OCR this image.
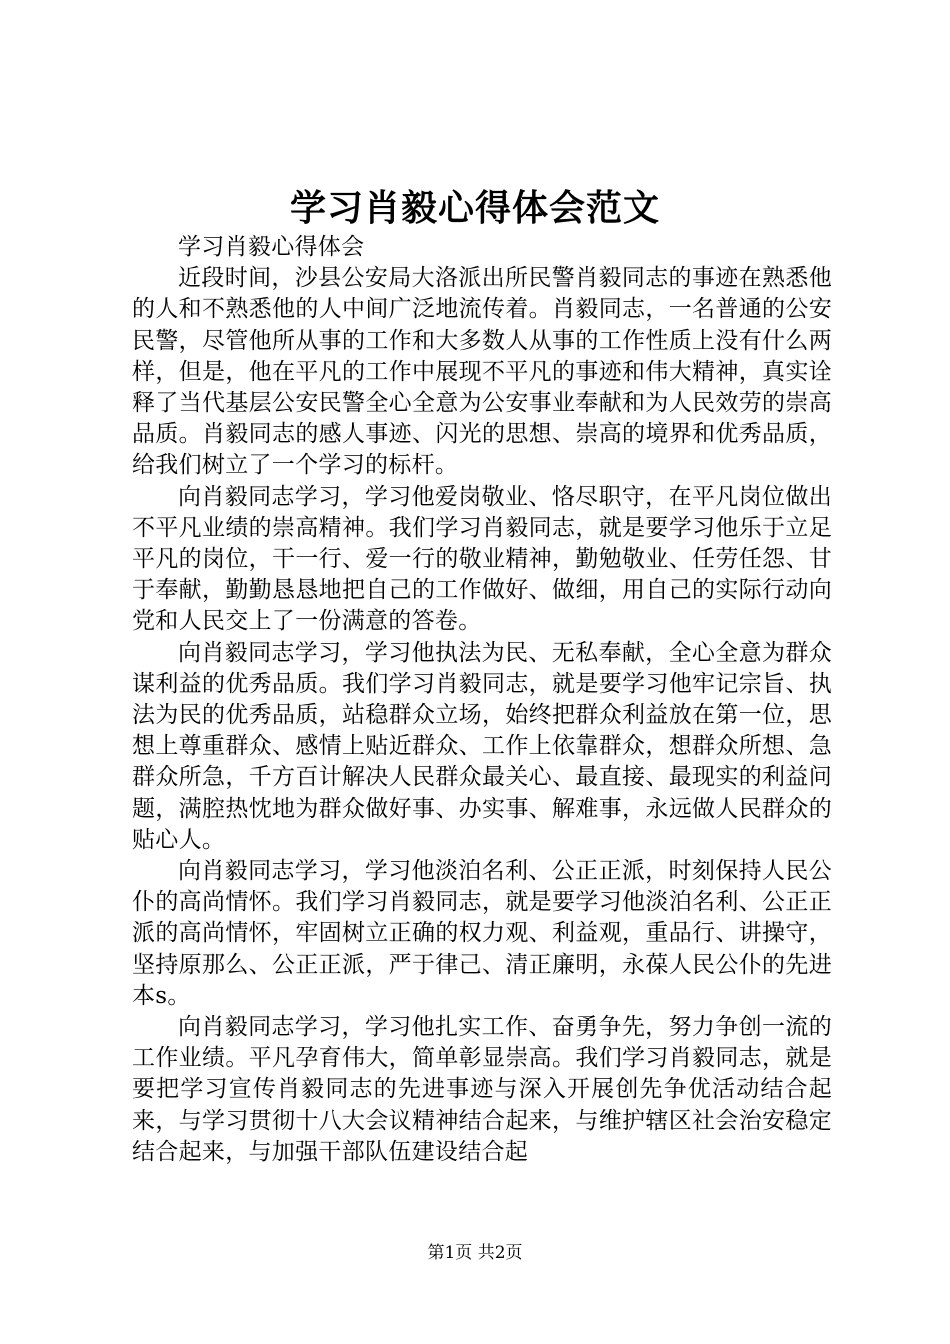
学习肖毅心得体会范文

学习肖毅心得体会

近段时间，沙县公安局大洛派出所民警肖毅同志的事迹在熟悉他的人和不熟悉他的人中间广泛地流传着。肖毅同志，一名普通的公安民警，尽管他所从事的工作和大多数人从事的工作性质上没有什么两样，但是，他在平凡的工作中展现不平凡的事迹和伟大精神，真实诠释了当代基层公安民警全心全意为公安事业奉献和为人民效劳的崇高品质。肖毅同志的感人事迹、闪光的思想、崇高的境界和优秀品质，给我们树立了一个学习的标杆。

向肖毅同志学习，学习他爱岗敬业、恪尽职守，在平凡岗位做出不平凡业绩的崇高精神。我们学习肖毅同志，就是要学习他乐于立足平凡的岗位，干一行、爱一行的敬业精神，勤勉敬业、任劳任怨、甘于奉献，勤勤恳恳地把自己的工作做好、做细，用自己的实际行动向党和人民交上了一份满意的答卷。

向肖毅同志学习，学习他执法为民、无私奉献，全心全意为群众谋利益的优秀品质。我们学习肖毅同志，就是要学习他牢记宗旨、执法为民的优秀品质，站稳群众立场，始终把群众利益放在第一位，思想上尊重群众、感情上贴近群众、工作上依靠群众，想群众所想、急群众所急，千方百计解决人民群众最关心、最直接、最现实的利益问题，满腔热忱地为群众做好事、办实事、解难事，永远做人民群众的贴心人。

向肖毅同志学习，学习他淡泊名利、公正正派，时刻保持人民公仆的高尚情怀。我们学习肖毅同志，就是要学习他淡泊名利、公正正派的高尚情怀，牢固树立正确的权力观、利益观，重品行、讲操守，坚持原那么、公正正派，严于律己、清正廉明，永葆人民公仆的先进本s。

向肖毅同志学习，学习他扎实工作、奋勇争先，努力争创一流的工作业绩。平凡孕育伟大，简单彰显崇高。我们学习肖毅同志，就是要把学习宣传肖毅同志的先进事迹与深入开展创先争优活动结合起来，与学习贯彻十八大会议精神结合起来，与维护辖区社会治安稳定结合起来，与加强干部队伍建设结合起

第1页 共2页
